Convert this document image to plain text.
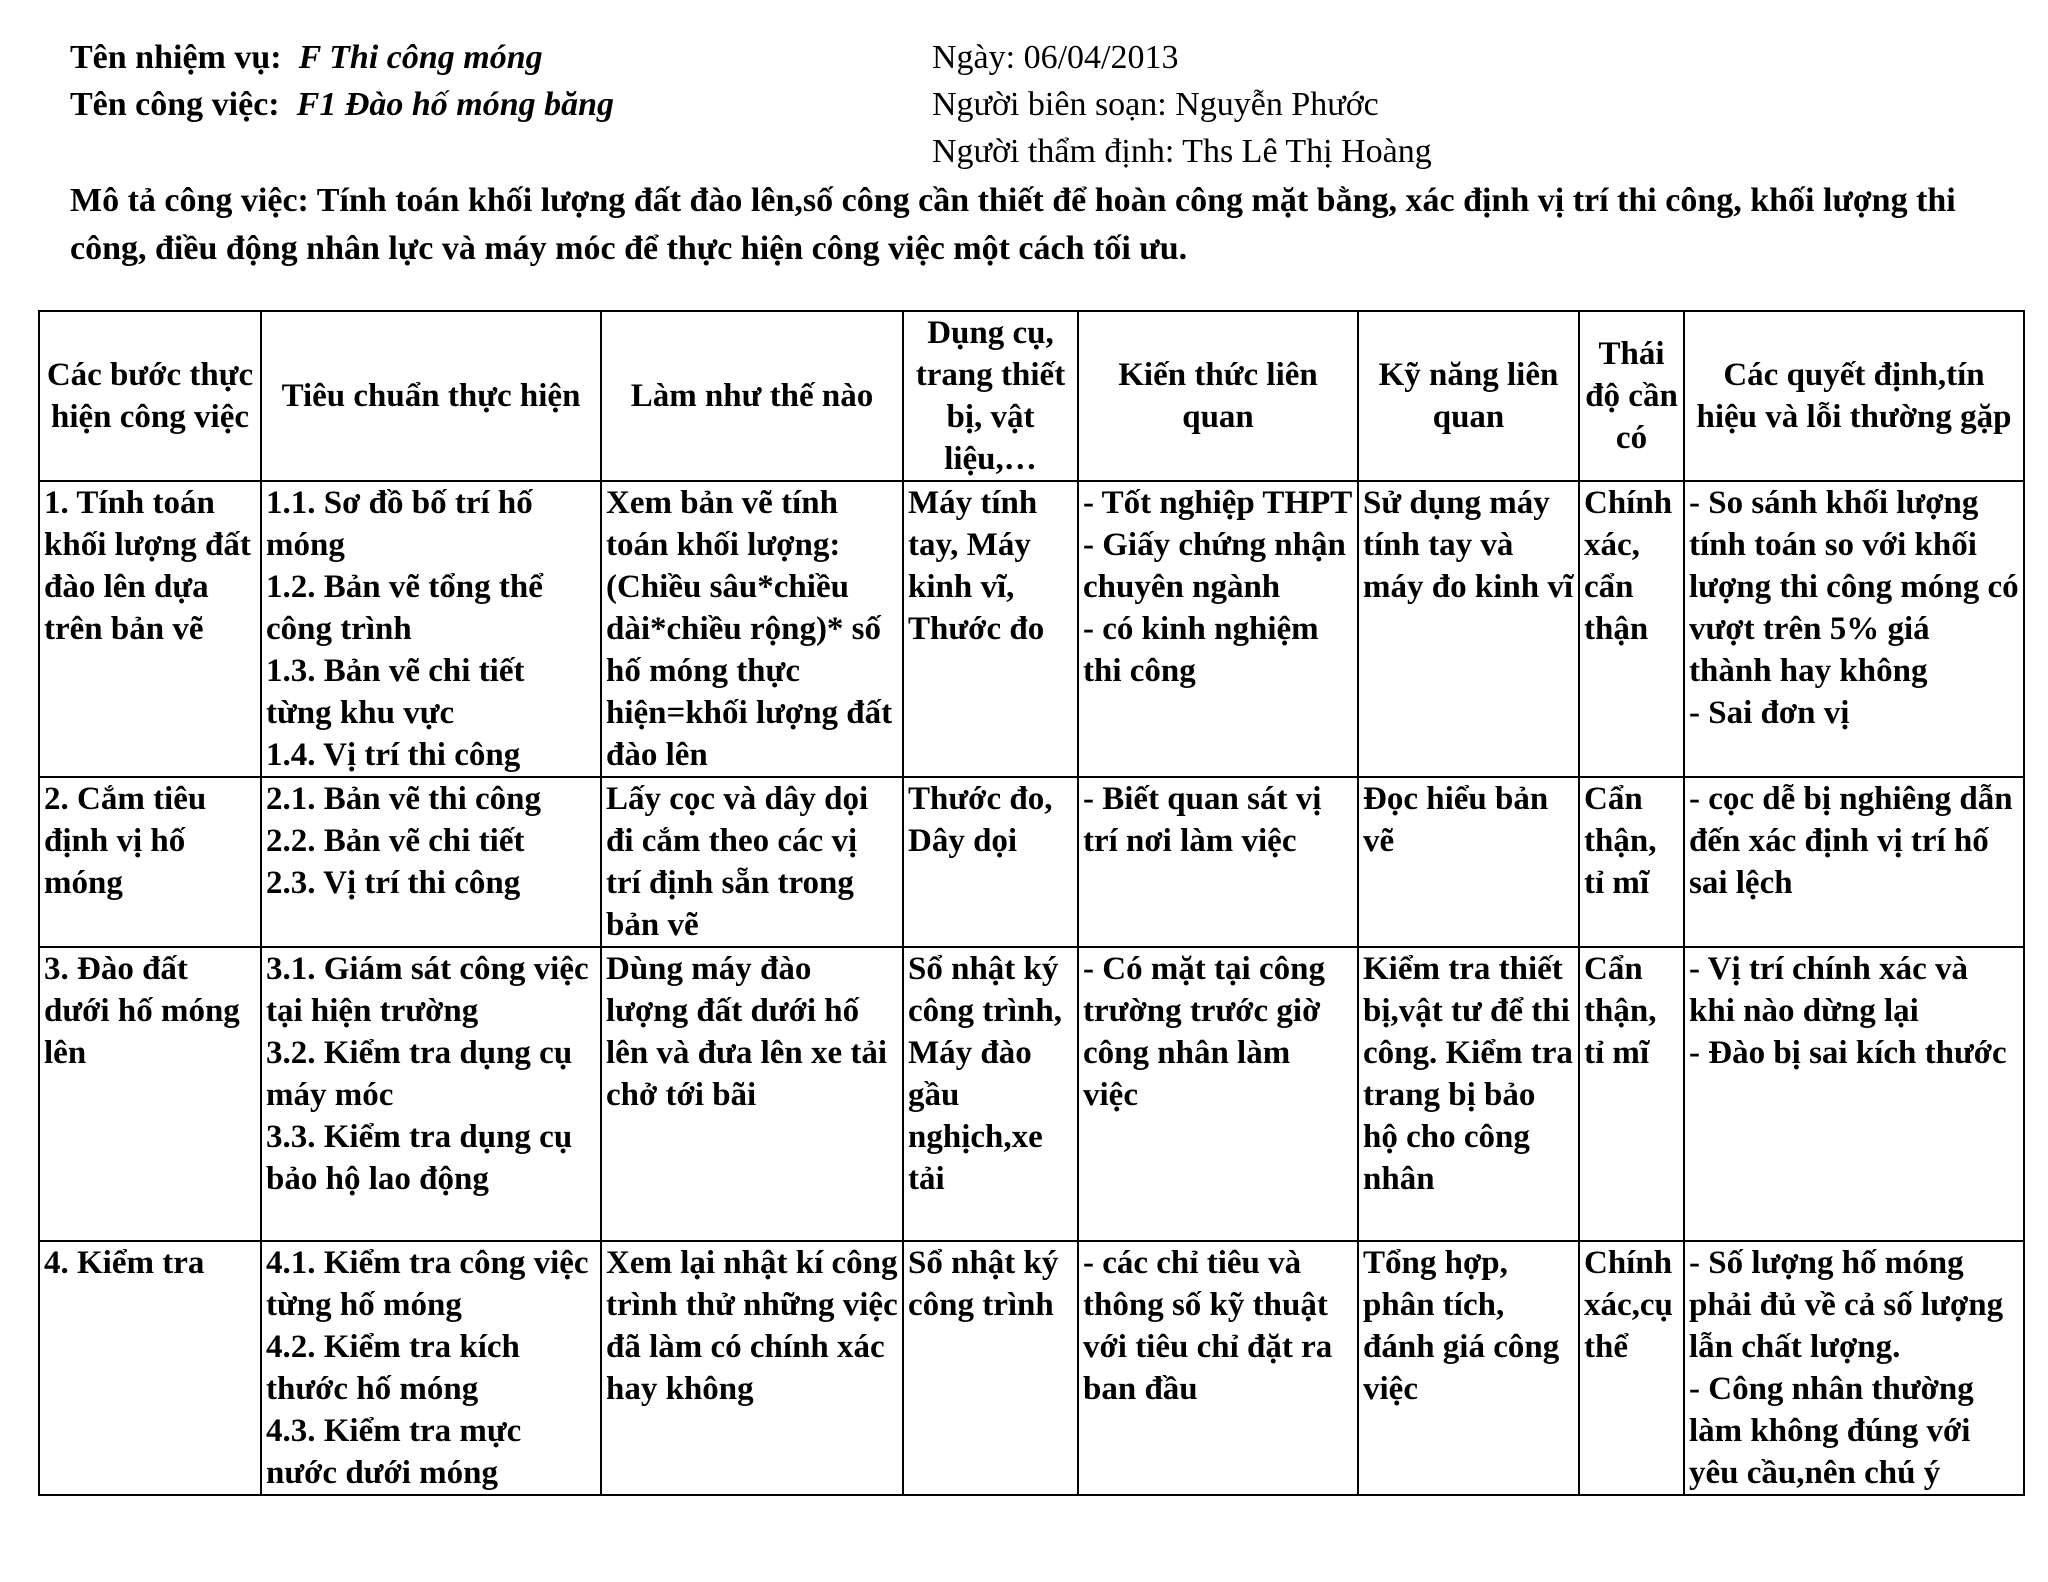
Tên nhiệm vụ: F Thi công móng
Tên công việc: F1 Đào hố móng băng
Ngày: 06/04/2013
Người biên soạn: Nguyễn Phước
Người thẩm định: Ths Lê Thị Hoàng
Mô tả công việc: Tính toán khối lượng đất đào lên,số công cần thiết để hoàn công mặt bằng, xác định vị trí thi công, khối lượng thi công, điều động nhân lực và máy móc để thực hiện công việc một cách tối ưu.
Các bước thực hiện công việc	Tiêu chuẩn thực hiện	Làm như thế nào	Dụng cụ, trang thiết bị, vật liệu,…	Kiến thức liên quan	Kỹ năng liên quan	Thái độ cần có	Các quyết định,tín hiệu và lỗi thường gặp
1. Tính toán khối lượng đất đào lên dựa trên bản vẽ	1.1. Sơ đồ bố trí hố móng
1.2. Bản vẽ tổng thể công trình
1.3. Bản vẽ chi tiết từng khu vực
1.4. Vị trí thi công	Xem bản vẽ tính toán khối lượng: (Chiều sâu*chiều dài*chiều rộng)* số hố móng thực hiện=khối lượng đất đào lên	Máy tính tay, Máy kinh vĩ, Thước đo	- Tốt nghiệp THPT
- Giấy chứng nhận chuyên ngành
- có kinh nghiệm thi công	Sử dụng máy tính tay và máy đo kinh vĩ	Chính xác, cẩn thận	- So sánh khối lượng tính toán so với khối lượng thi công móng có vượt trên 5% giá thành hay không
- Sai đơn vị

2. Cắm tiêu định vị hố móng	2.1. Bản vẽ thi công
2.2. Bản vẽ chi tiết
2.3. Vị trí thi công	Lấy cọc và dây dọi đi cắm theo các vị trí định sẵn trong bản vẽ	Thước đo, Dây dọi	- Biết quan sát vị trí nơi làm việc	Đọc hiểu bản vẽ	Cẩn thận, tỉ mĩ	- cọc dễ bị nghiêng dẫn đến xác định vị trí hố sai lệch

3. Đào đất dưới hố móng lên	3.1. Giám sát công việc tại hiện trường
3.2. Kiểm tra dụng cụ máy móc
3.3. Kiểm tra dụng cụ bảo hộ lao động	Dùng máy đào lượng đất dưới hố lên và đưa lên xe tải chở tới bãi	Sổ nhật ký công trình, Máy đào gầu nghịch,xe tải	- Có mặt tại công trường trước giờ công nhân làm việc	Kiểm tra thiết bị,vật tư để thi công. Kiểm tra trang bị bảo hộ cho công nhân	Cẩn thận, tỉ mĩ	- Vị trí chính xác và khi nào dừng lại
- Đào bị sai kích thước

4. Kiểm tra	4.1. Kiểm tra công việc từng hố móng
4.2. Kiểm tra kích thước hố móng
4.3. Kiểm tra mực nước dưới móng	Xem lại nhật kí công trình thử những việc đã làm có chính xác hay không	Sổ nhật ký công trình	- các chỉ tiêu và thông số kỹ thuật với tiêu chỉ đặt ra ban đầu	Tổng hợp, phân tích, đánh giá công việc	Chính xác,cụ thể	- Số lượng hố móng phải đủ về cả số lượng lẫn chất lượng.
- Công nhân thường làm không đúng với yêu cầu,nên chú ý
